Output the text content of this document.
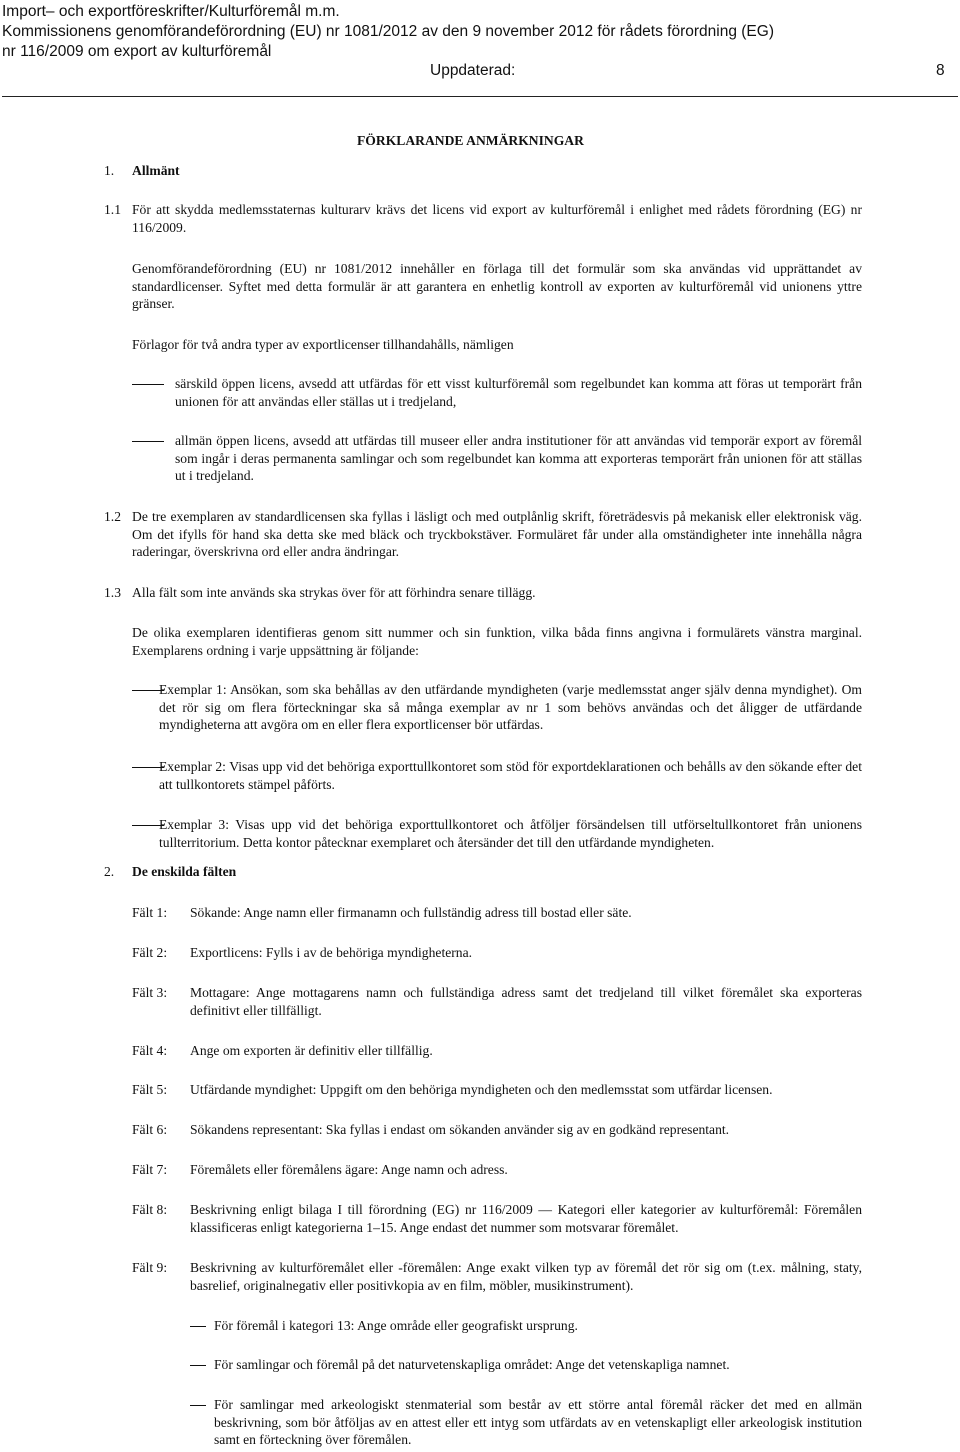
Import– och exportföreskrifter/Kulturföremål m.m.
Kommissionens genomförandeförordning (EU) nr 1081/2012 av den 9 november 2012 för rådets förordning (EG)
nr 116/2009 om export av kulturföremål
Uppdaterad:	8
FÖRKLARANDE ANMÄRKNINGAR
1. Allmänt
1.1 För att skydda medlemsstaternas kulturarv krävs det licens vid export av kulturföremål i enlighet med rådets förordning (EG) nr 116/2009.
Genomförandeförordning (EU) nr 1081/2012 innehåller en förlaga till det formulär som ska användas vid upprättandet av standardlicenser. Syftet med detta formulär är att garantera en enhetlig kontroll av exporten av kulturföremål vid unionens yttre gränser.
Förlagor för två andra typer av exportlicenser tillhandahålls, nämligen
särskild öppen licens, avsedd att utfärdas för ett visst kulturföremål som regelbundet kan komma att föras ut temporärt från unionen för att användas eller ställas ut i tredjeland,
allmän öppen licens, avsedd att utfärdas till museer eller andra institutioner för att användas vid temporär export av föremål som ingår i deras permanenta samlingar och som regelbundet kan komma att exporteras temporärt från unionen för att ställas ut i tredjeland.
1.2 De tre exemplaren av standardlicensen ska fyllas i läsligt och med outplånlig skrift, företrädesvis på mekanisk eller elektronisk väg. Om det ifylls för hand ska detta ske med bläck och tryckbokstäver. Formuläret får under alla omständigheter inte innehålla några raderingar, överskrivna ord eller andra ändringar.
1.3 Alla fält som inte används ska strykas över för att förhindra senare tillägg.
De olika exemplaren identifieras genom sitt nummer och sin funktion, vilka båda finns angivna i formulärets vänstra marginal. Exemplarens ordning i varje uppsättning är följande:
Exemplar 1: Ansökan, som ska behållas av den utfärdande myndigheten (varje medlemsstat anger själv denna myndighet). Om det rör sig om flera förteckningar ska så många exemplar av nr 1 som behövs användas och det åligger de utfärdande myndigheterna att avgöra om en eller flera exportlicenser bör utfärdas.
Exemplar 2: Visas upp vid det behöriga exporttullkontoret som stöd för exportdeklarationen och behålls av den sökande efter det att tullkontorets stämpel påförts.
Exemplar 3: Visas upp vid det behöriga exporttullkontoret och åtföljer försändelsen till utförseltullkontoret från unionens tullterritorium. Detta kontor påtecknar exemplaret och återsänder det till den utfärdande myndigheten.
2. De enskilda fälten
Fält 1: Sökande: Ange namn eller firmanamn och fullständig adress till bostad eller säte.
Fält 2: Exportlicens: Fylls i av de behöriga myndigheterna.
Fält 3: Mottagare: Ange mottagarens namn och fullständiga adress samt det tredjeland till vilket föremålet ska exporteras definitivt eller tillfälligt.
Fält 4: Ange om exporten är definitiv eller tillfällig.
Fält 5: Utfärdande myndighet: Uppgift om den behöriga myndigheten och den medlemsstat som utfärdar licensen.
Fält 6: Sökandens representant: Ska fyllas i endast om sökanden använder sig av en godkänd representant.
Fält 7: Föremålets eller föremålens ägare: Ange namn och adress.
Fält 8: Beskrivning enligt bilaga I till förordning (EG) nr 116/2009 — Kategori eller kategorier av kulturföremål: Föremålen klassificeras enligt kategorierna 1–15. Ange endast det nummer som motsvarar föremålet.
Fält 9: Beskrivning av kulturföremålet eller -föremålen: Ange exakt vilken typ av föremål det rör sig om (t.ex. målning, staty, basrelief, originalnegativ eller positivkopia av en film, möbler, musikinstrument).
För föremål i kategori 13: Ange område eller geografiskt ursprung.
För samlingar och föremål på det naturvetenskapliga området: Ange det vetenskapliga namnet.
För samlingar med arkeologiskt stenmaterial som består av ett större antal föremål räcker det med en allmän beskrivning, som bör åtföljas av en attest eller ett intyg som utfärdats av en vetenskapligt eller arkeologisk institution samt en förteckning över föremålen.
